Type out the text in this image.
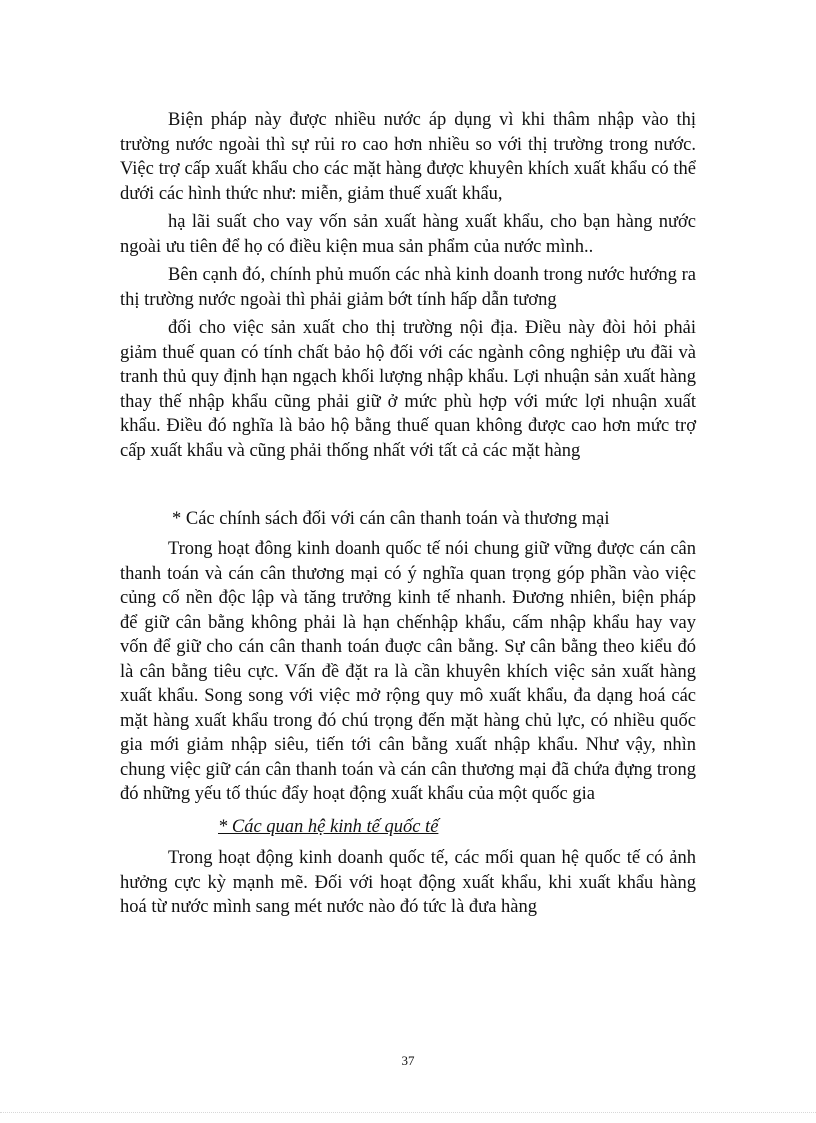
Biện pháp này được nhiều nước áp dụng vì khi thâm nhập vào thị trường nước ngoài thì sự rủi ro cao hơn nhiều so với thị trường trong nước. Việc trợ cấp xuất khẩu cho các mặt hàng được khuyên khích xuất khẩu có thể dưới các hình thức như: miễn, giảm thuế xuất khẩu,

hạ lãi suất cho vay vốn sản xuất hàng xuất khẩu, cho bạn hàng nước ngoài ưu tiên để họ có điều kiện mua sản phẩm của nước mình..

Bên cạnh đó, chính phủ muốn các nhà kinh doanh trong nước hướng ra thị trường nước ngoài thì phải giảm bớt tính hấp dẫn tương

đối cho việc sản xuất cho thị trường nội địa. Điều này đòi hỏi phải giảm thuế quan có tính chất bảo hộ đối với các ngành công nghiệp ưu đãi và tranh thủ quy định hạn ngạch khối lượng nhập khẩu. Lợi nhuận sản xuất hàng thay thế nhập khẩu cũng phải giữ ở mức phù hợp với mức lợi nhuận xuất khẩu. Điều đó nghĩa là bảo hộ bằng thuế quan không được cao hơn mức trợ cấp xuất khẩu và cũng phải thống nhất với tất cả các mặt hàng

* Các chính sách đối với cán cân thanh toán và thương mại

Trong hoạt đông kinh doanh quốc tế nói chung giữ vững được cán cân thanh toán và cán cân thương mại có ý nghĩa quan trọng góp phần vào việc củng cố nền độc lập và tăng trưởng kinh tế nhanh. Đương nhiên, biện pháp để giữ cân bằng không phải là hạn chếnhập khẩu, cấm nhập khẩu hay vay vốn để giữ cho cán cân thanh toán đuợc cân bằng. Sự cân bằng theo kiểu đó là cân bằng tiêu cực. Vấn đề đặt ra là cần khuyên khích việc sản xuất hàng xuất khẩu. Song song với việc mở rộng quy mô xuất khẩu, đa dạng hoá các mặt hàng xuất khẩu trong đó chú trọng đến mặt hàng chủ lực, có nhiều quốc gia mới giảm nhập siêu, tiến tới cân bằng xuất nhập khẩu. Như vậy, nhìn chung việc giữ cán cân thanh toán và cán cân thương mại đã chứa đựng trong đó những yếu tố thúc đẩy hoạt động xuất khẩu của một quốc gia

* Các quan hệ kinh tế quốc tế

Trong hoạt động kinh doanh quốc tế, các mối quan hệ quốc tế có ảnh hưởng cực kỳ mạnh mẽ. Đối với hoạt động xuất khẩu, khi xuất khẩu hàng hoá từ nước mình sang mét nước nào đó tức là đưa hàng

37
